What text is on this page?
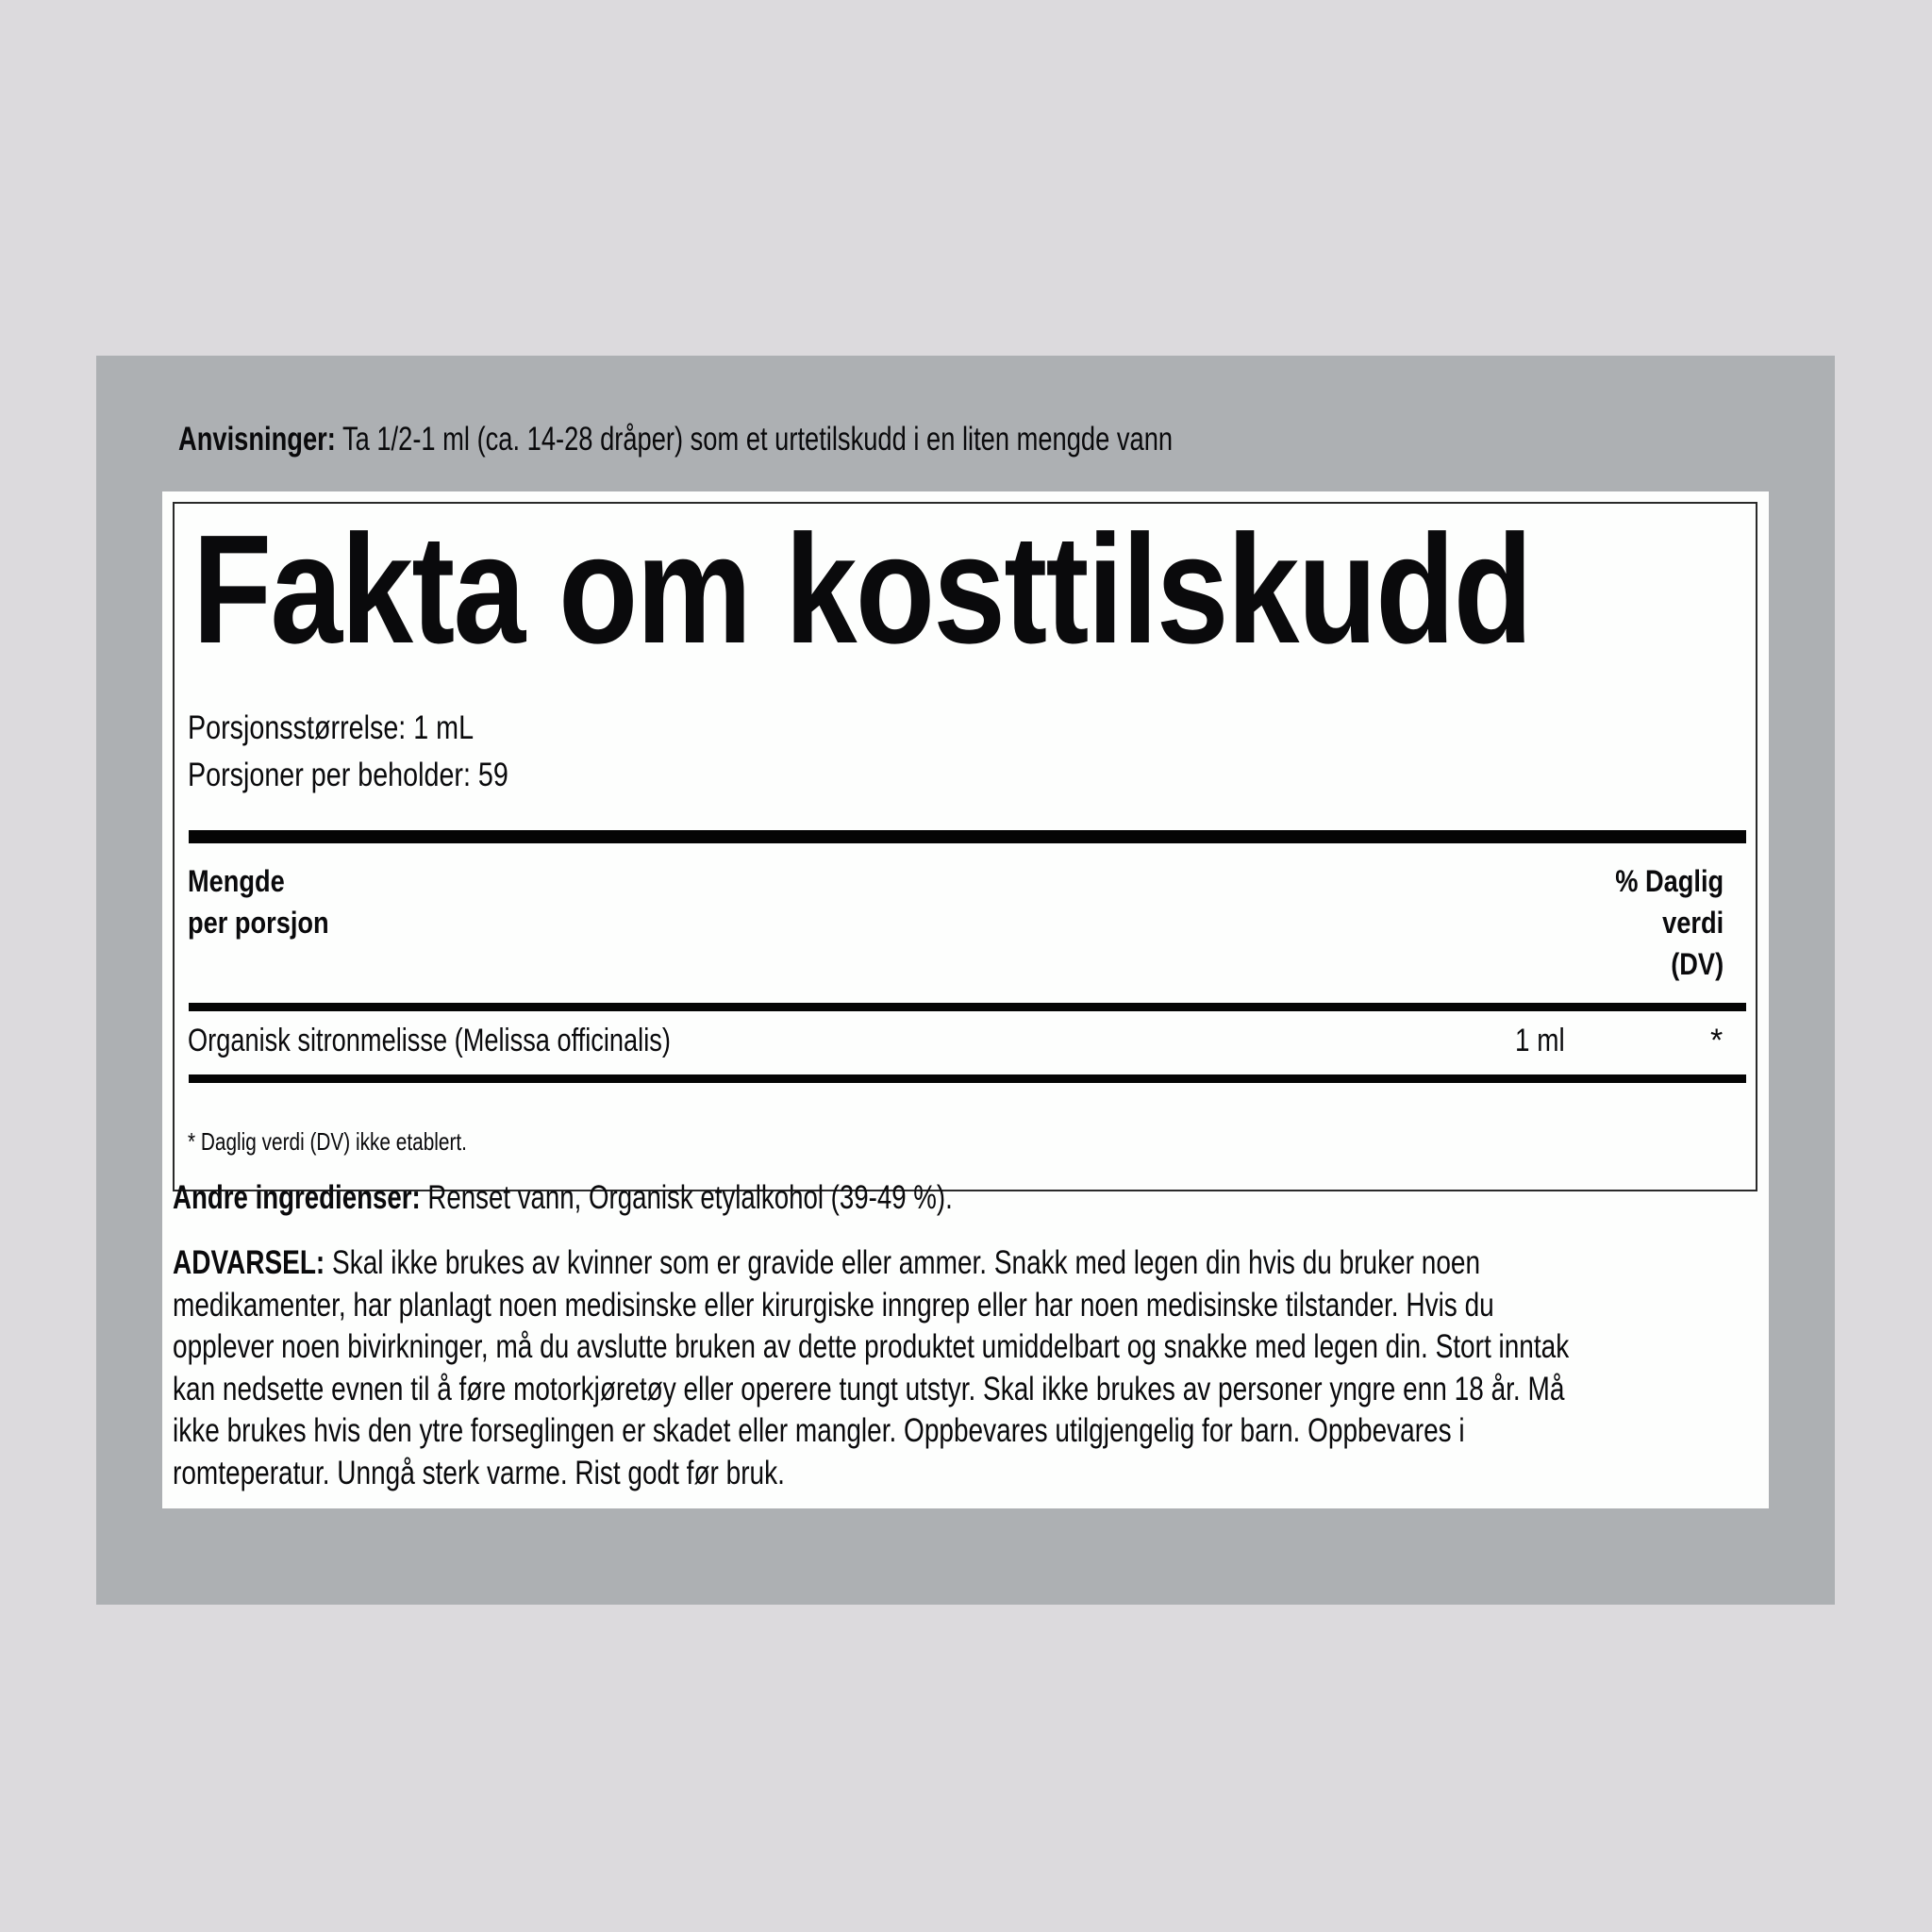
Anvisninger: Ta 1/2-1 ml (ca. 14-28 dråper) som et urtetilskudd i en liten mengde vann
Fakta om kosttilskudd
Porsjonsstørrelse: 1 mL
Porsjoner per beholder: 59
Mengde
per porsjon
% Daglig
verdi
(DV)
Organisk sitronmelisse (Melissa officinalis)	1 ml	*
* Daglig verdi (DV) ikke etablert.
Andre ingredienser: Renset vann, Organisk etylalkohol (39-49 %).
ADVARSEL: Skal ikke brukes av kvinner som er gravide eller ammer. Snakk med legen din hvis du bruker noen
medikamenter, har planlagt noen medisinske eller kirurgiske inngrep eller har noen medisinske tilstander. Hvis du
opplever noen bivirkninger, må du avslutte bruken av dette produktet umiddelbart og snakke med legen din. Stort inntak
kan nedsette evnen til å føre motorkjøretøy eller operere tungt utstyr. Skal ikke brukes av personer yngre enn 18 år. Må
ikke brukes hvis den ytre forseglingen er skadet eller mangler. Oppbevares utilgjengelig for barn. Oppbevares i
romteperatur. Unngå sterk varme. Rist godt før bruk.
